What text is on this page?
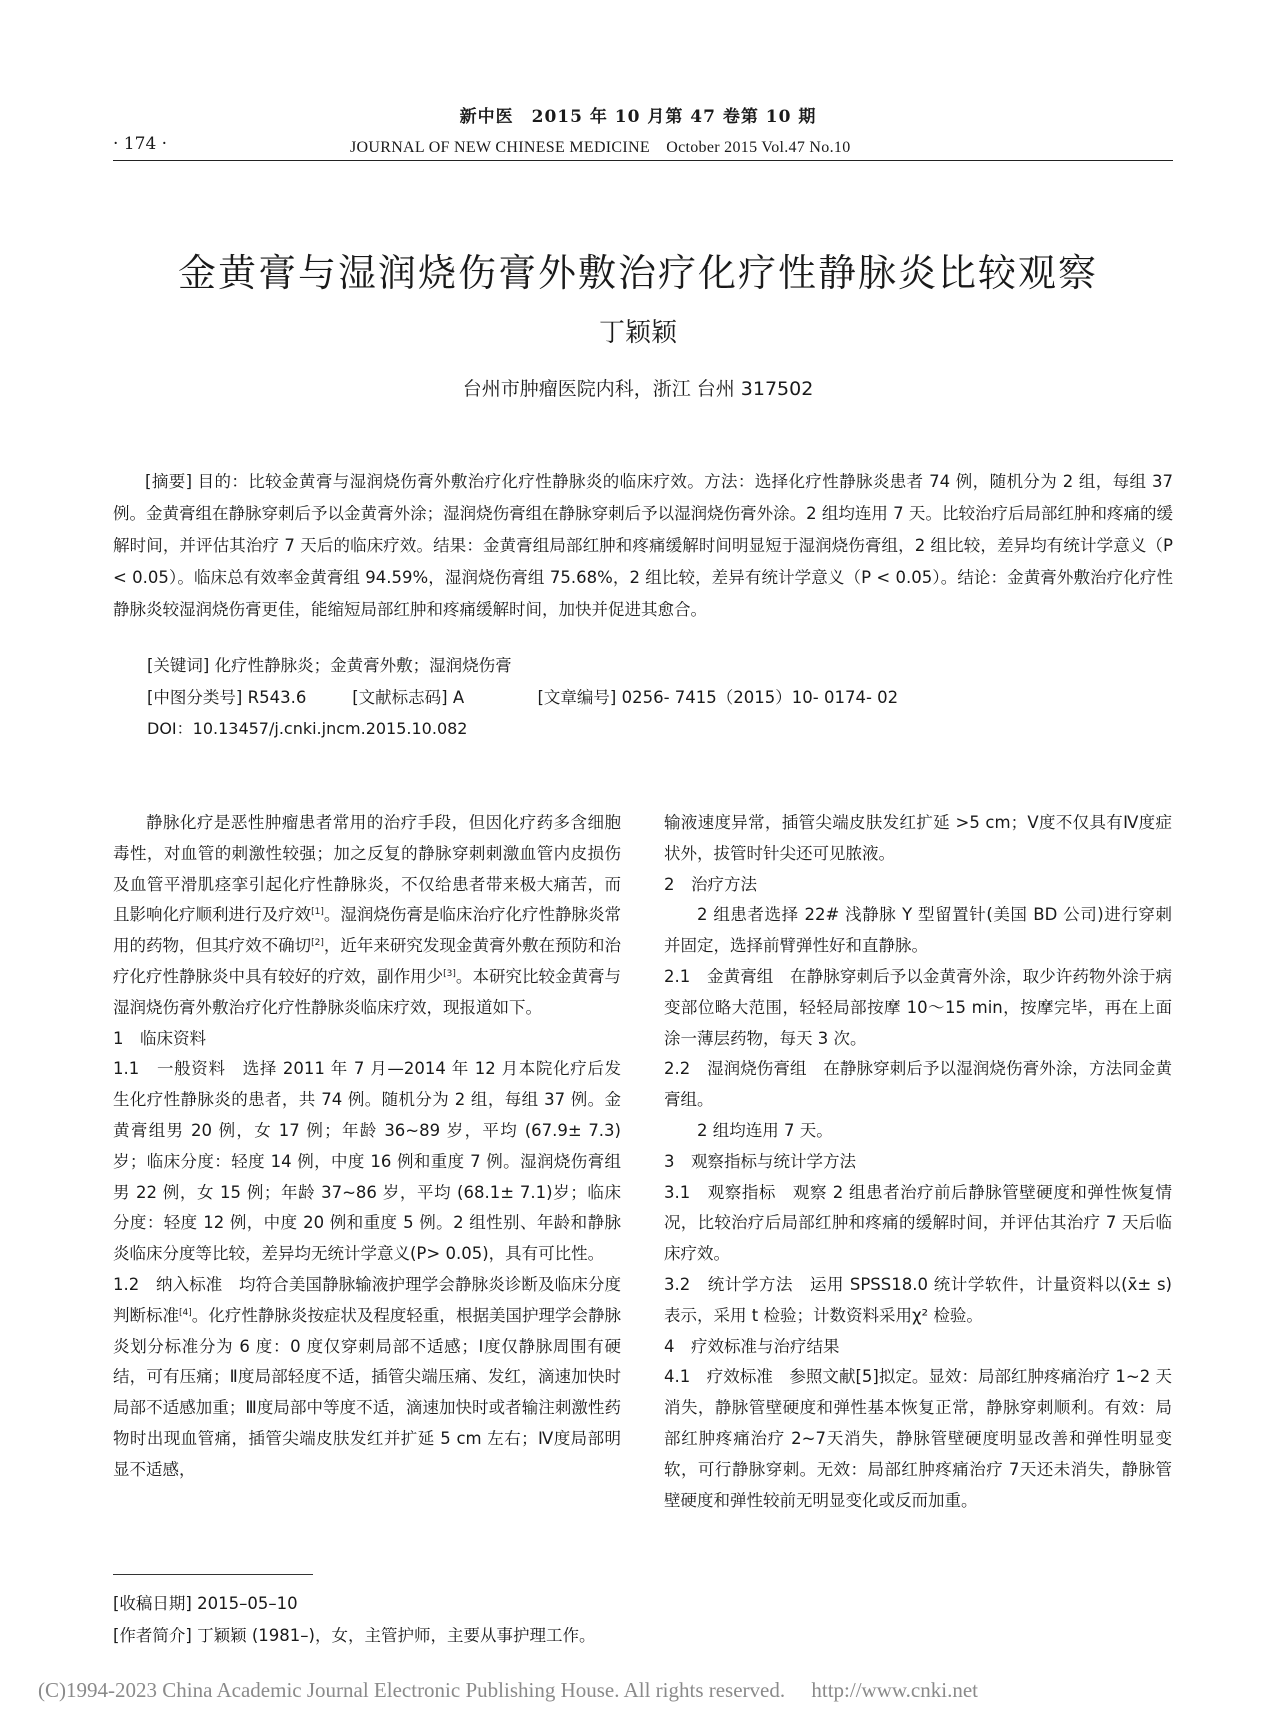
新中医　2015 年 10 月第 47 卷第 10 期
· 174 ·	JOURNAL OF NEW CHINESE MEDICINE　October 2015 Vol.47 No.10
金黄膏与湿润烧伤膏外敷治疗化疗性静脉炎比较观察
丁颖颖
台州市肿瘤医院内科，浙江 台州 317502
[摘要] 目的：比较金黄膏与湿润烧伤膏外敷治疗化疗性静脉炎的临床疗效。方法：选择化疗性静脉炎患者 74 例，随机分为 2 组，每组 37 例。金黄膏组在静脉穿刺后予以金黄膏外涂；湿润烧伤膏组在静脉穿刺后予以湿润烧伤膏外涂。2 组均连用 7 天。比较治疗后局部红肿和疼痛的缓解时间，并评估其治疗 7 天后的临床疗效。结果：金黄膏组局部红肿和疼痛缓解时间明显短于湿润烧伤膏组，2 组比较，差异均有统计学意义（P < 0.05）。临床总有效率金黄膏组 94.59%，湿润烧伤膏组 75.68%，2 组比较，差异有统计学意义（P < 0.05）。结论：金黄膏外敷治疗化疗性静脉炎较湿润烧伤膏更佳，能缩短局部红肿和疼痛缓解时间，加快并促进其愈合。
[关键词] 化疗性静脉炎；金黄膏外敷；湿润烧伤膏
[中图分类号] R543.6	[文献标志码] A	[文章编号] 0256- 7415（2015）10- 0174- 02
DOI：10.13457/j.cnki.jncm.2015.10.082

静脉化疗是恶性肿瘤患者常用的治疗手段，但因化疗药多含细胞毒性，对血管的刺激性较强；加之反复的静脉穿刺刺激血管内皮损伤及血管平滑肌痉挛引起化疗性静脉炎，不仅给患者带来极大痛苦，而且影响化疗顺利进行及疗效[1]。湿润烧伤膏是临床治疗化疗性静脉炎常用的药物，但其疗效不确切[2]，近年来研究发现金黄膏外敷在预防和治疗化疗性静脉炎中具有较好的疗效，副作用少[3]。本研究比较金黄膏与湿润烧伤膏外敷治疗化疗性静脉炎临床疗效，现报道如下。

1　临床资料

1.1　一般资料　选择 2011 年 7 月—2014 年 12 月本院化疗后发生化疗性静脉炎的患者，共 74 例。随机分为 2 组，每组 37 例。金黄膏组男 20 例，女 17 例；年龄 36~89 岁，平均 (67.9± 7.3)岁；临床分度：轻度 14 例，中度 16 例和重度 7 例。湿润烧伤膏组男 22 例，女 15 例；年龄 37~86 岁，平均 (68.1± 7.1)岁；临床分度：轻度 12 例，中度 20 例和重度 5 例。2 组性别、年龄和静脉炎临床分度等比较，差异均无统计学意义(P> 0.05)，具有可比性。

1.2　纳入标准　均符合美国静脉输液护理学会静脉炎诊断及临床分度判断标准[4]。化疗性静脉炎按症状及程度轻重，根据美国护理学会静脉炎划分标准分为 6 度：0 度仅穿刺局部不适感；Ⅰ度仅静脉周围有硬结，可有压痛；Ⅱ度局部轻度不适，插管尖端压痛、发红，滴速加快时局部不适感加重；Ⅲ度局部中等度不适，滴速加快时或者输注刺激性药物时出现血管痛，插管尖端皮肤发红并扩延 5 cm 左右；Ⅳ度局部明显不适感，

输液速度异常，插管尖端皮肤发红扩延 >5 cm；Ⅴ度不仅具有Ⅳ度症状外，拔管时针尖还可见脓液。

2　治疗方法

2 组患者选择 22# 浅静脉 Y 型留置针(美国 BD 公司)进行穿刺并固定，选择前臂弹性好和直静脉。

2.1　金黄膏组　在静脉穿刺后予以金黄膏外涂，取少许药物外涂于病变部位略大范围，轻轻局部按摩 10～15 min，按摩完毕，再在上面涂一薄层药物，每天 3 次。

2.2　湿润烧伤膏组　在静脉穿刺后予以湿润烧伤膏外涂，方法同金黄膏组。

2 组均连用 7 天。

3　观察指标与统计学方法

3.1　观察指标　观察 2 组患者治疗前后静脉管壁硬度和弹性恢复情况，比较治疗后局部红肿和疼痛的缓解时间，并评估其治疗 7 天后临床疗效。

3.2　统计学方法　运用 SPSS18.0 统计学软件，计量资料以(x̄± s)表示，采用 t 检验；计数资料采用χ² 检验。

4　疗效标准与治疗结果

4.1　疗效标准　参照文献[5]拟定。显效：局部红肿疼痛治疗 1~2 天消失，静脉管壁硬度和弹性基本恢复正常，静脉穿刺顺利。有效：局部红肿疼痛治疗 2~7天消失，静脉管壁硬度明显改善和弹性明显变软，可行静脉穿刺。无效：局部红肿疼痛治疗 7天还未消失，静脉管壁硬度和弹性较前无明显变化或反而加重。

[收稿日期] 2015–05–10
[作者简介] 丁颖颖 (1981–)，女，主管护师，主要从事护理工作。
(C)1994-2023 China Academic Journal Electronic Publishing House. All rights reserved.　 http://www.cnki.net
